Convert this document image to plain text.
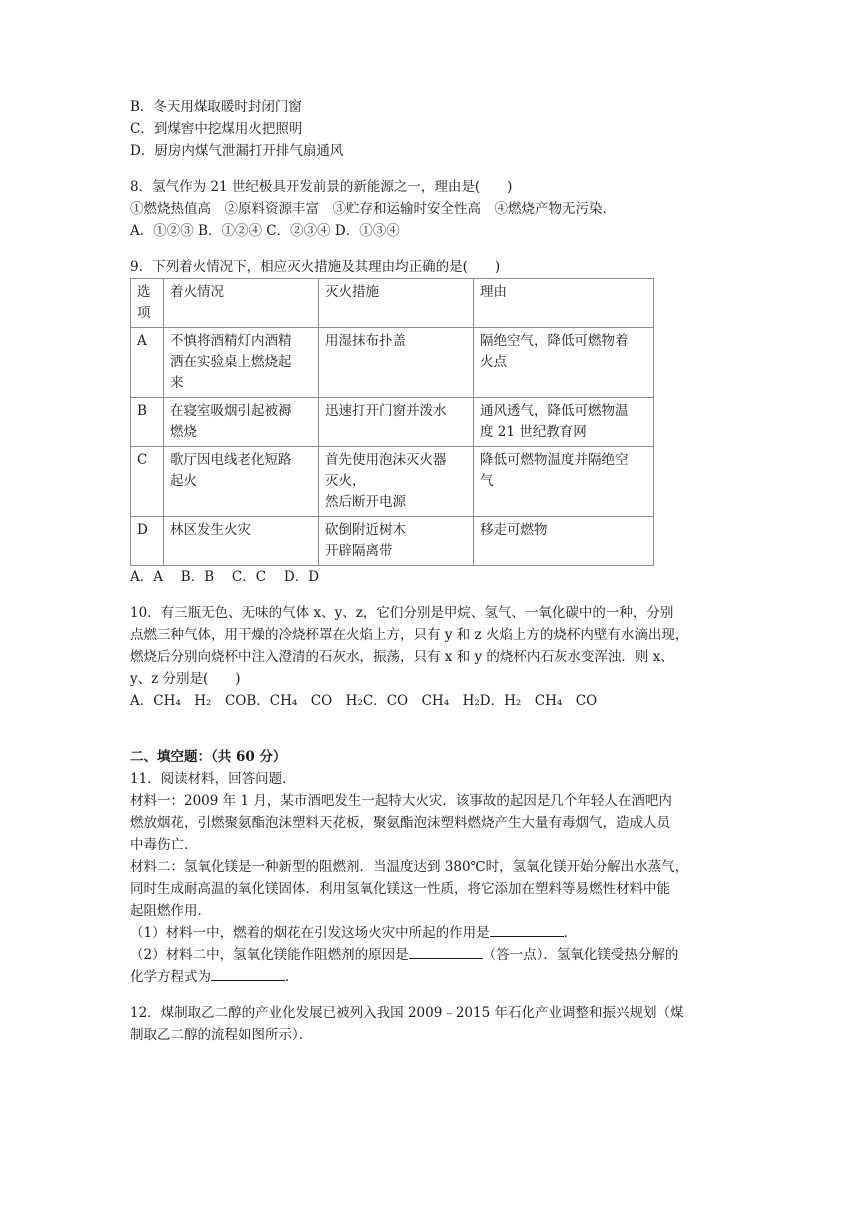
B．冬天用煤取暖时封闭门窗
C．到煤窖中挖煤用火把照明
D．厨房内煤气泄漏打开排气扇通风
8．氢气作为 21 世纪极具开发前景的新能源之一，理由是(　　)
①燃烧热值高　②原料资源丰富　③贮存和运输时安全性高　④燃烧产物无污染．
A．①②③ B．①②④ C．②③④ D．①③④
9．下列着火情况下，相应灭火措施及其理由均正确的是(　　)
选项	着火情况	灭火措施	理由
A	不慎将酒精灯内酒精
洒在实验桌上燃烧起
来	用湿抹布扑盖	隔绝空气，降低可燃物着
火点

B	在寝室吸烟引起被褥
燃烧	迅速打开门窗并泼水	通风透气，降低可燃物温
度 21 世纪教育网

C	歌厅因电线老化短路
起火	首先使用泡沫灭火器
灭火，
然后断开电源	降低可燃物温度并隔绝空
气

D	林区发生火灾	砍倒附近树木
开辟隔离带	移走可燃物
A．A　 B．B　 C．C　 D．D
10．有三瓶无色、无味的气体 x、y、z，它们分别是甲烷、氢气、一氧化碳中的一种，分别
点燃三种气体，用干燥的冷烧杯罩在火焰上方，只有 y 和 z 火焰上方的烧杯内壁有水滴出现，
燃烧后分别向烧杯中注入澄清的石灰水，振荡，只有 x 和 y 的烧杯内石灰水变浑浊．则 x、
y、z 分别是(　　)
A．CH₄　H₂　COB．CH₄　CO　H₂C．CO　CH₄　H₂D．H₂　CH₄　CO
二、填空题：（共 60 分）
11．阅读材料，回答问题．
材料一：2009 年 1 月，某市酒吧发生一起特大火灾．该事故的起因是几个年轻人在酒吧内
燃放烟花，引燃聚氨酯泡沫塑料天花板，聚氨酯泡沫塑料燃烧产生大量有毒烟气，造成人员
中毒伤亡．
材料二：氢氧化镁是一种新型的阻燃剂．当温度达到 380℃时，氢氧化镁开始分解出水蒸气，
同时生成耐高温的氧化镁固体．利用氢氧化镁这一性质，将它添加在塑料等易燃性材料中能
起阻燃作用．
（1）材料一中，燃着的烟花在引发这场火灾中所起的作用是	．
（2）材料二中，氢氧化镁能作阻燃剂的原因是	（答一点）．氢氧化镁受热分解的
化学方程式为	．
12．煤制取乙二醇的产业化发展已被列入我国 2009﹣2015 年石化产业调整和振兴规划（煤
制取乙二醇的流程如图所示）．
